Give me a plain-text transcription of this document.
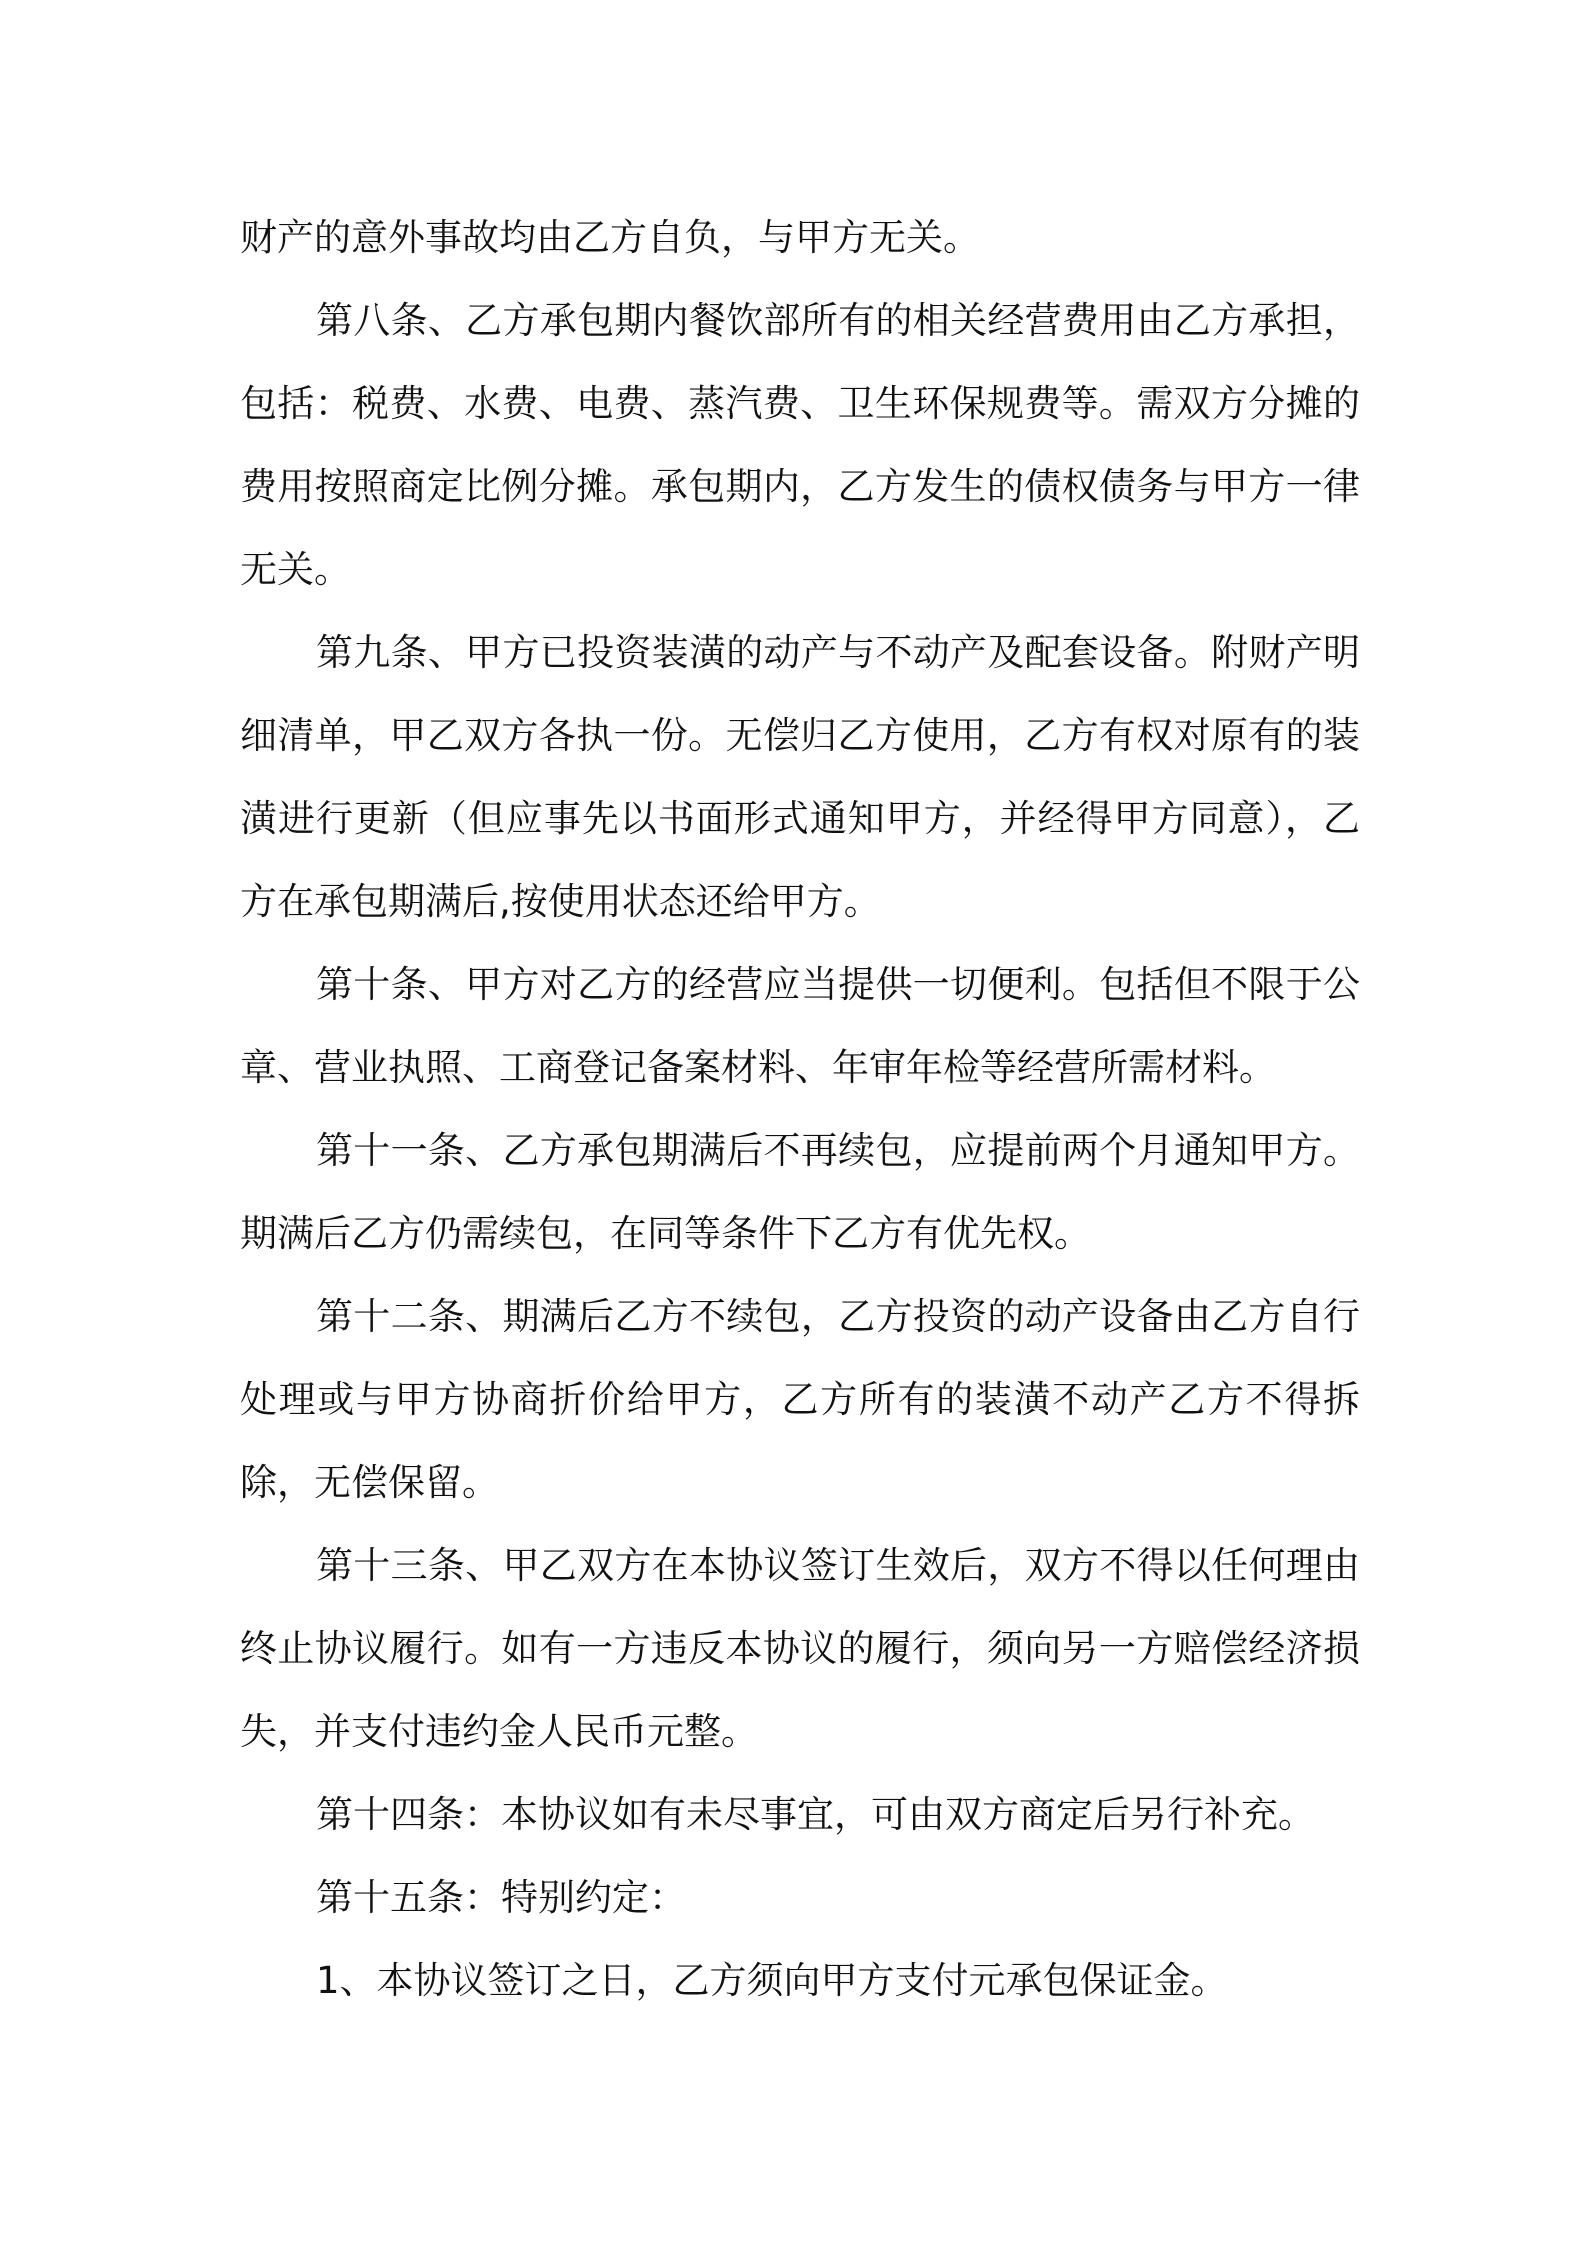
财产的意外事故均由乙方自负，与甲方无关。

第八条、乙方承包期内餐饮部所有的相关经营费用由乙方承担，包括：税费、水费、电费、蒸汽费、卫生环保规费等。需双方分摊的费用按照商定比例分摊。承包期内，乙方发生的债权债务与甲方一律无关。

第九条、甲方已投资装潢的动产与不动产及配套设备。附财产明细清单，甲乙双方各执一份。无偿归乙方使用，乙方有权对原有的装潢进行更新（但应事先以书面形式通知甲方，并经得甲方同意），乙方在承包期满后,按使用状态还给甲方。

第十条、甲方对乙方的经营应当提供一切便利。包括但不限于公章、营业执照、工商登记备案材料、年审年检等经营所需材料。

第十一条、乙方承包期满后不再续包，应提前两个月通知甲方。期满后乙方仍需续包，在同等条件下乙方有优先权。

第十二条、期满后乙方不续包，乙方投资的动产设备由乙方自行处理或与甲方协商折价给甲方，乙方所有的装潢不动产乙方不得拆除，无偿保留。

第十三条、甲乙双方在本协议签订生效后，双方不得以任何理由终止协议履行。如有一方违反本协议的履行，须向另一方赔偿经济损失，并支付违约金人民币元整。

第十四条：本协议如有未尽事宜，可由双方商定后另行补充。

第十五条：特别约定：

1、本协议签订之日，乙方须向甲方支付元承包保证金。
